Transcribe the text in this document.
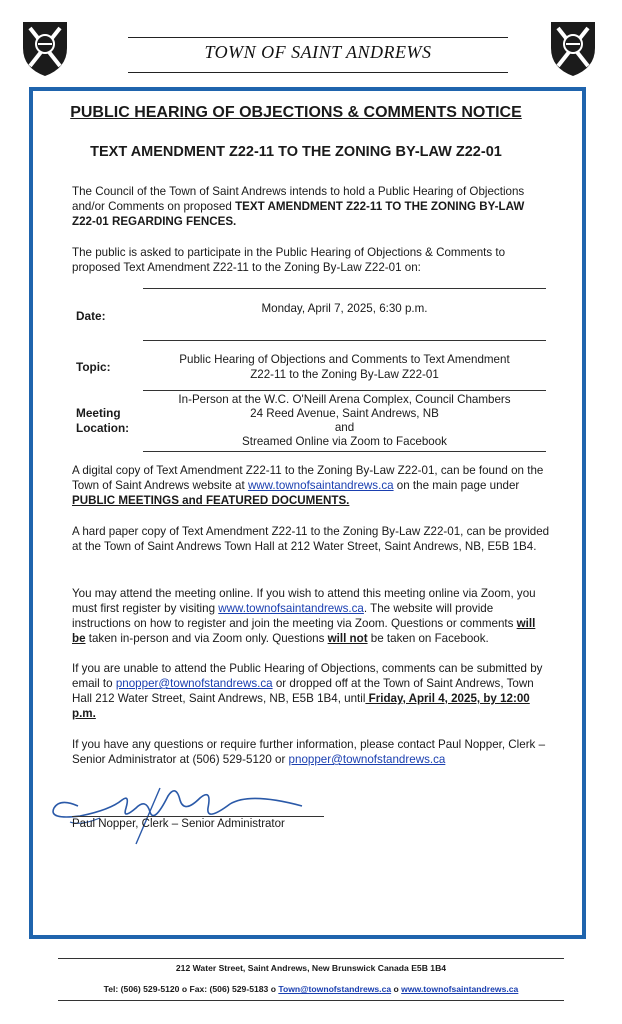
TOWN OF SAINT ANDREWS
PUBLIC HEARING OF OBJECTIONS & COMMENTS NOTICE
TEXT AMENDMENT Z22-11 TO THE ZONING BY-LAW Z22-01
The Council of the Town of Saint Andrews intends to hold a Public Hearing of Objections and/or Comments on proposed TEXT AMENDMENT Z22-11 TO THE ZONING BY-LAW Z22-01 REGARDING FENCES.
The public is asked to participate in the Public Hearing of Objections & Comments to proposed Text Amendment Z22-11 to the Zoning By-Law Z22-01 on:
Date:
Monday, April 7, 2025, 6:30 p.m.
Topic:
Public Hearing of Objections and Comments to Text Amendment
Z22-11 to the Zoning By-Law Z22-01
Meeting
Location:
In-Person at the W.C. O'Neill Arena Complex, Council Chambers
24 Reed Avenue, Saint Andrews, NB
and
Streamed Online via Zoom to Facebook
A digital copy of Text Amendment Z22-11 to the Zoning By-Law Z22-01, can be found on the Town of Saint Andrews website at www.townofsaintandrews.ca on the main page under PUBLIC MEETINGS and FEATURED DOCUMENTS.
A hard paper copy of Text Amendment Z22-11 to the Zoning By-Law Z22-01, can be provided at the Town of Saint Andrews Town Hall at 212 Water Street, Saint Andrews, NB, E5B 1B4.
You may attend the meeting online. If you wish to attend this meeting online via Zoom, you must first register by visiting www.townofsaintandrews.ca. The website will provide instructions on how to register and join the meeting via Zoom. Questions or comments will be taken in-person and via Zoom only. Questions will not be taken on Facebook.
If you are unable to attend the Public Hearing of Objections, comments can be submitted by email to pnopper@townofstandrews.ca or dropped off at the Town of Saint Andrews, Town Hall 212 Water Street, Saint Andrews, NB, E5B 1B4, until Friday, April 4, 2025, by 12:00 p.m.
If you have any questions or require further information, please contact Paul Nopper, Clerk – Senior Administrator at (506) 529-5120 or pnopper@townofstandrews.ca
Paul Nopper, Clerk – Senior Administrator
212 Water Street, Saint Andrews, New Brunswick Canada E5B 1B4
Tel: (506) 529-5120 o Fax: (506) 529-5183 o Town@townofstandrews.ca o www.townofsaintandrews.ca
